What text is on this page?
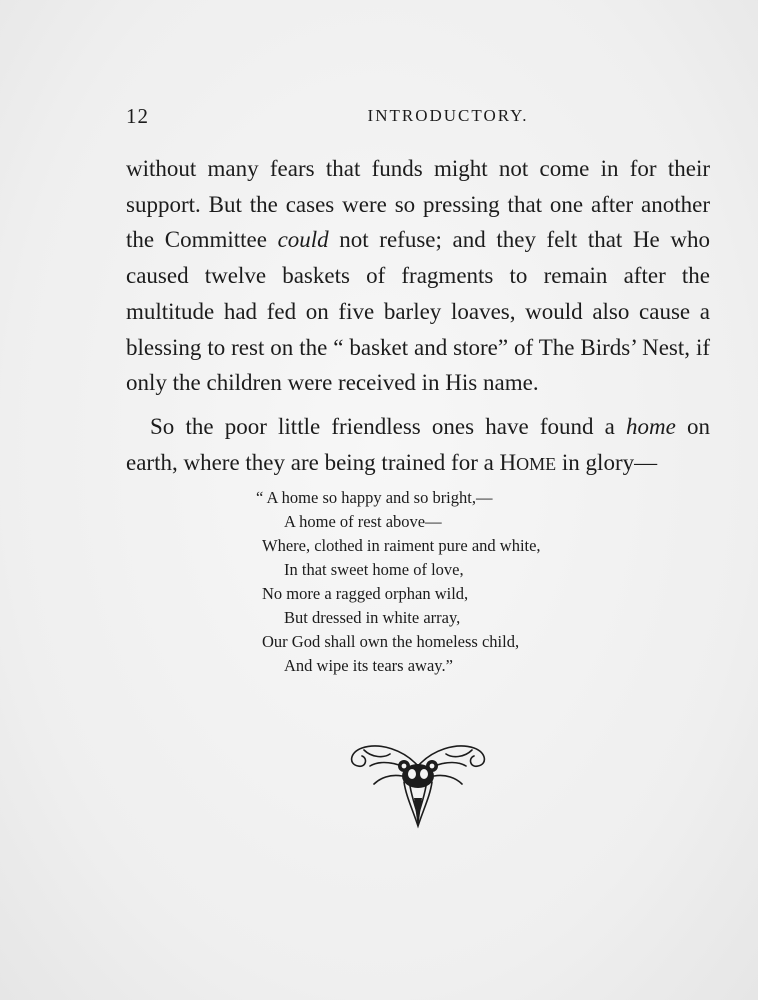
12	INTRODUCTORY.

without many fears that funds might not come in for their support. But the cases were so pressing that one after another the Committee could not refuse; and they felt that He who caused twelve baskets of fragments to remain after the multitude had fed on five barley loaves, would also cause a blessing to rest on the “ basket and store” of The Birds’ Nest, if only the children were received in His name.

So the poor little friendless ones have found a home on earth, where they are being trained for a HOME in glory—

“ A home so happy and so bright,—
A home of rest above—
Where, clothed in raiment pure and white,
In that sweet home of love,
No more a ragged orphan wild,
But dressed in white array,
Our God shall own the homeless child,
And wipe its tears away.”
